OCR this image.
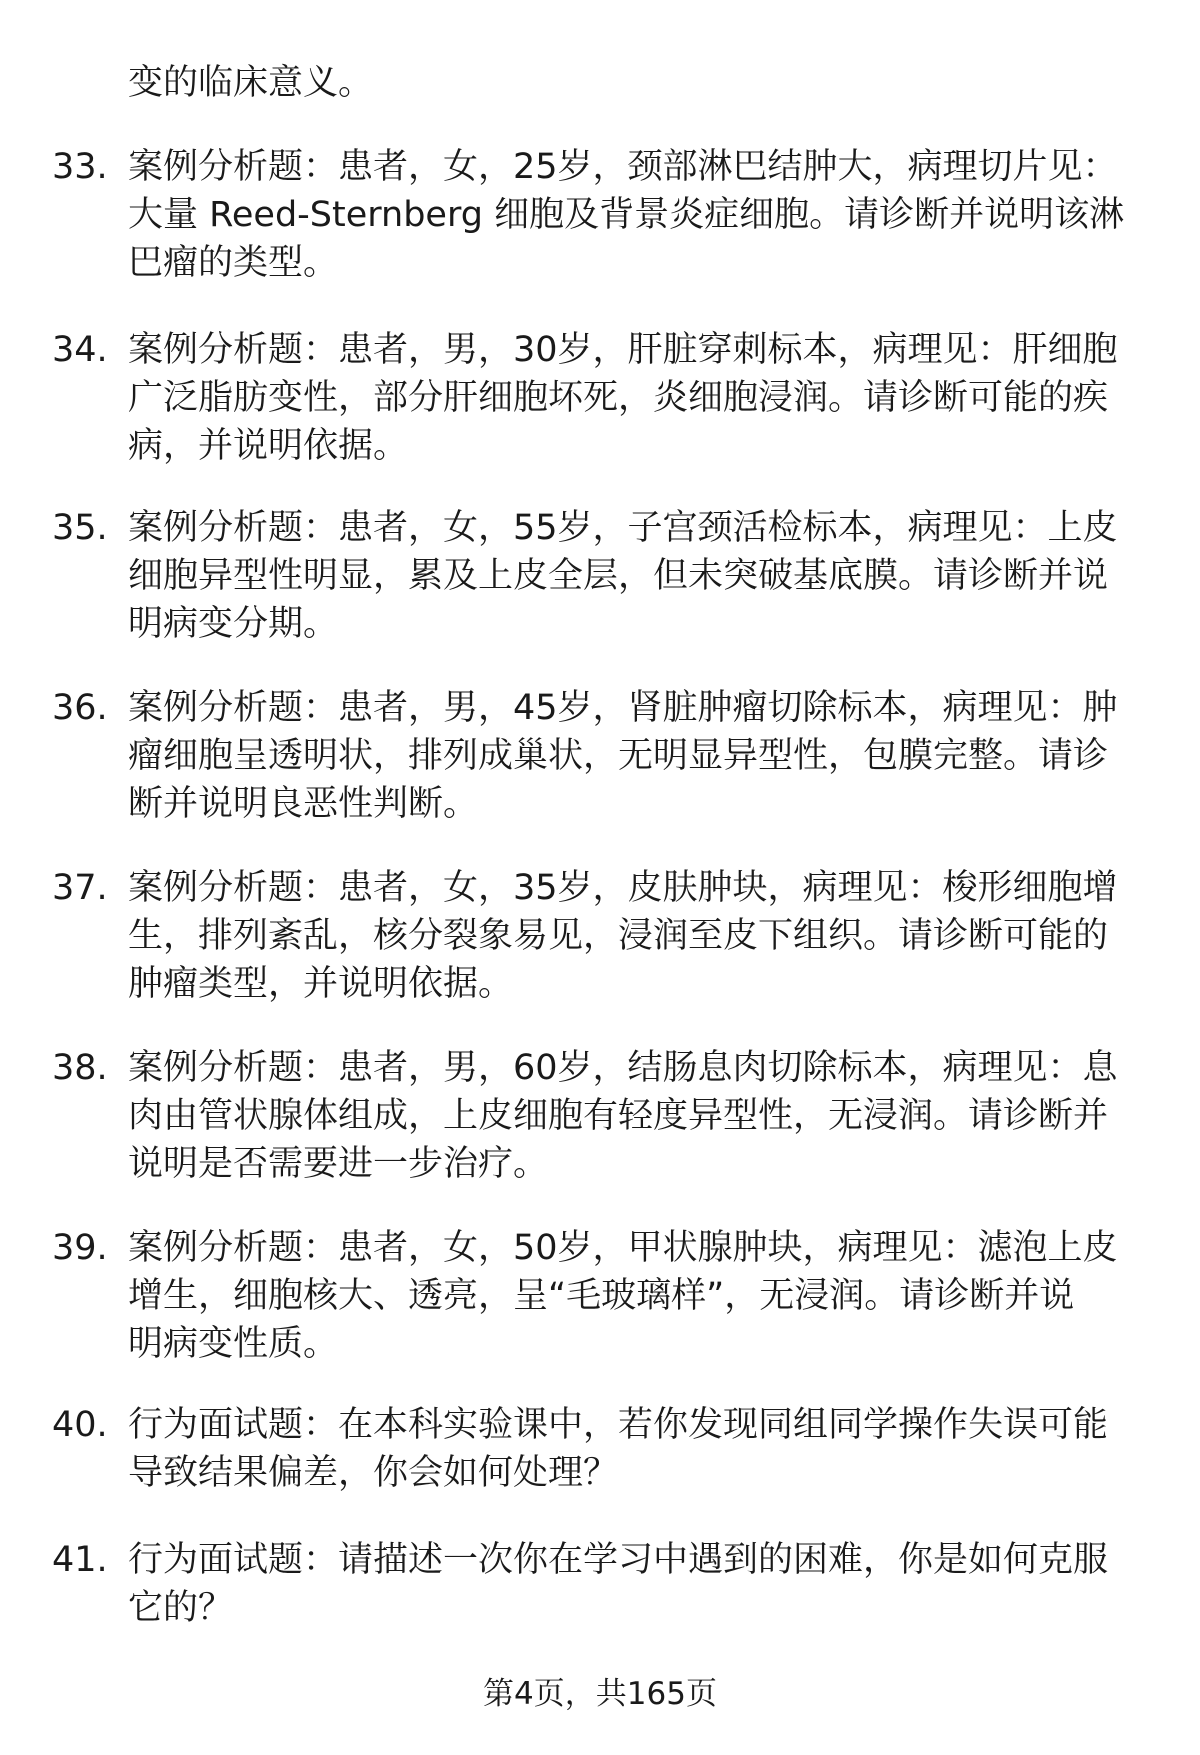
变的临床意义。
33. 案例分析题：患者，女，25岁，颈部淋巴结肿大，病理切片见：
大量 Reed-Sternberg 细胞及背景炎症细胞。请诊断并说明该淋
巴瘤的类型。
34. 案例分析题：患者，男，30岁，肝脏穿刺标本，病理见：肝细胞
广泛脂肪变性，部分肝细胞坏死，炎细胞浸润。请诊断可能的疾
病，并说明依据。
35. 案例分析题：患者，女，55岁，子宫颈活检标本，病理见：上皮
细胞异型性明显，累及上皮全层，但未突破基底膜。请诊断并说
明病变分期。
36. 案例分析题：患者，男，45岁，肾脏肿瘤切除标本，病理见：肿
瘤细胞呈透明状，排列成巢状，无明显异型性，包膜完整。请诊
断并说明良恶性判断。
37. 案例分析题：患者，女，35岁，皮肤肿块，病理见：梭形细胞增
生，排列紊乱，核分裂象易见，浸润至皮下组织。请诊断可能的
肿瘤类型，并说明依据。
38. 案例分析题：患者，男，60岁，结肠息肉切除标本，病理见：息
肉由管状腺体组成，上皮细胞有轻度异型性，无浸润。请诊断并
说明是否需要进一步治疗。
39. 案例分析题：患者，女，50岁，甲状腺肿块，病理见：滤泡上皮
增生，细胞核大、透亮，呈“毛玻璃样”，无浸润。请诊断并说
明病变性质。
40. 行为面试题：在本科实验课中，若你发现同组同学操作失误可能
导致结果偏差，你会如何处理？
41. 行为面试题：请描述一次你在学习中遇到的困难，你是如何克服
它的？
第4页，共165页
